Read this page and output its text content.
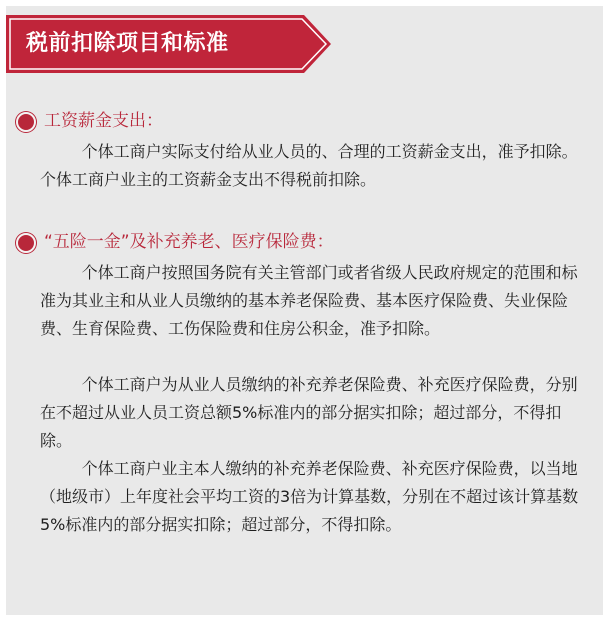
税前扣除项目和标准
工资薪金支出：

个体工商户实际支付给从业人员的、合理的工资薪金支出，准予扣除。个体工商户业主的工资薪金支出不得税前扣除。

“五险一金”及补充养老、医疗保险费：

个体工商户按照国务院有关主管部门或者省级人民政府规定的范围和标准为其业主和从业人员缴纳的基本养老保险费、基本医疗保险费、失业保险费、生育保险费、工伤保险费和住房公积金，准予扣除。

个体工商户为从业人员缴纳的补充养老保险费、补充医疗保险费，分别在不超过从业人员工资总额5%标准内的部分据实扣除；超过部分，不得扣除。

个体工商户业主本人缴纳的补充养老保险费、补充医疗保险费，以当地（地级市）上年度社会平均工资的3倍为计算基数，分别在不超过该计算基数5%标准内的部分据实扣除；超过部分，不得扣除。
